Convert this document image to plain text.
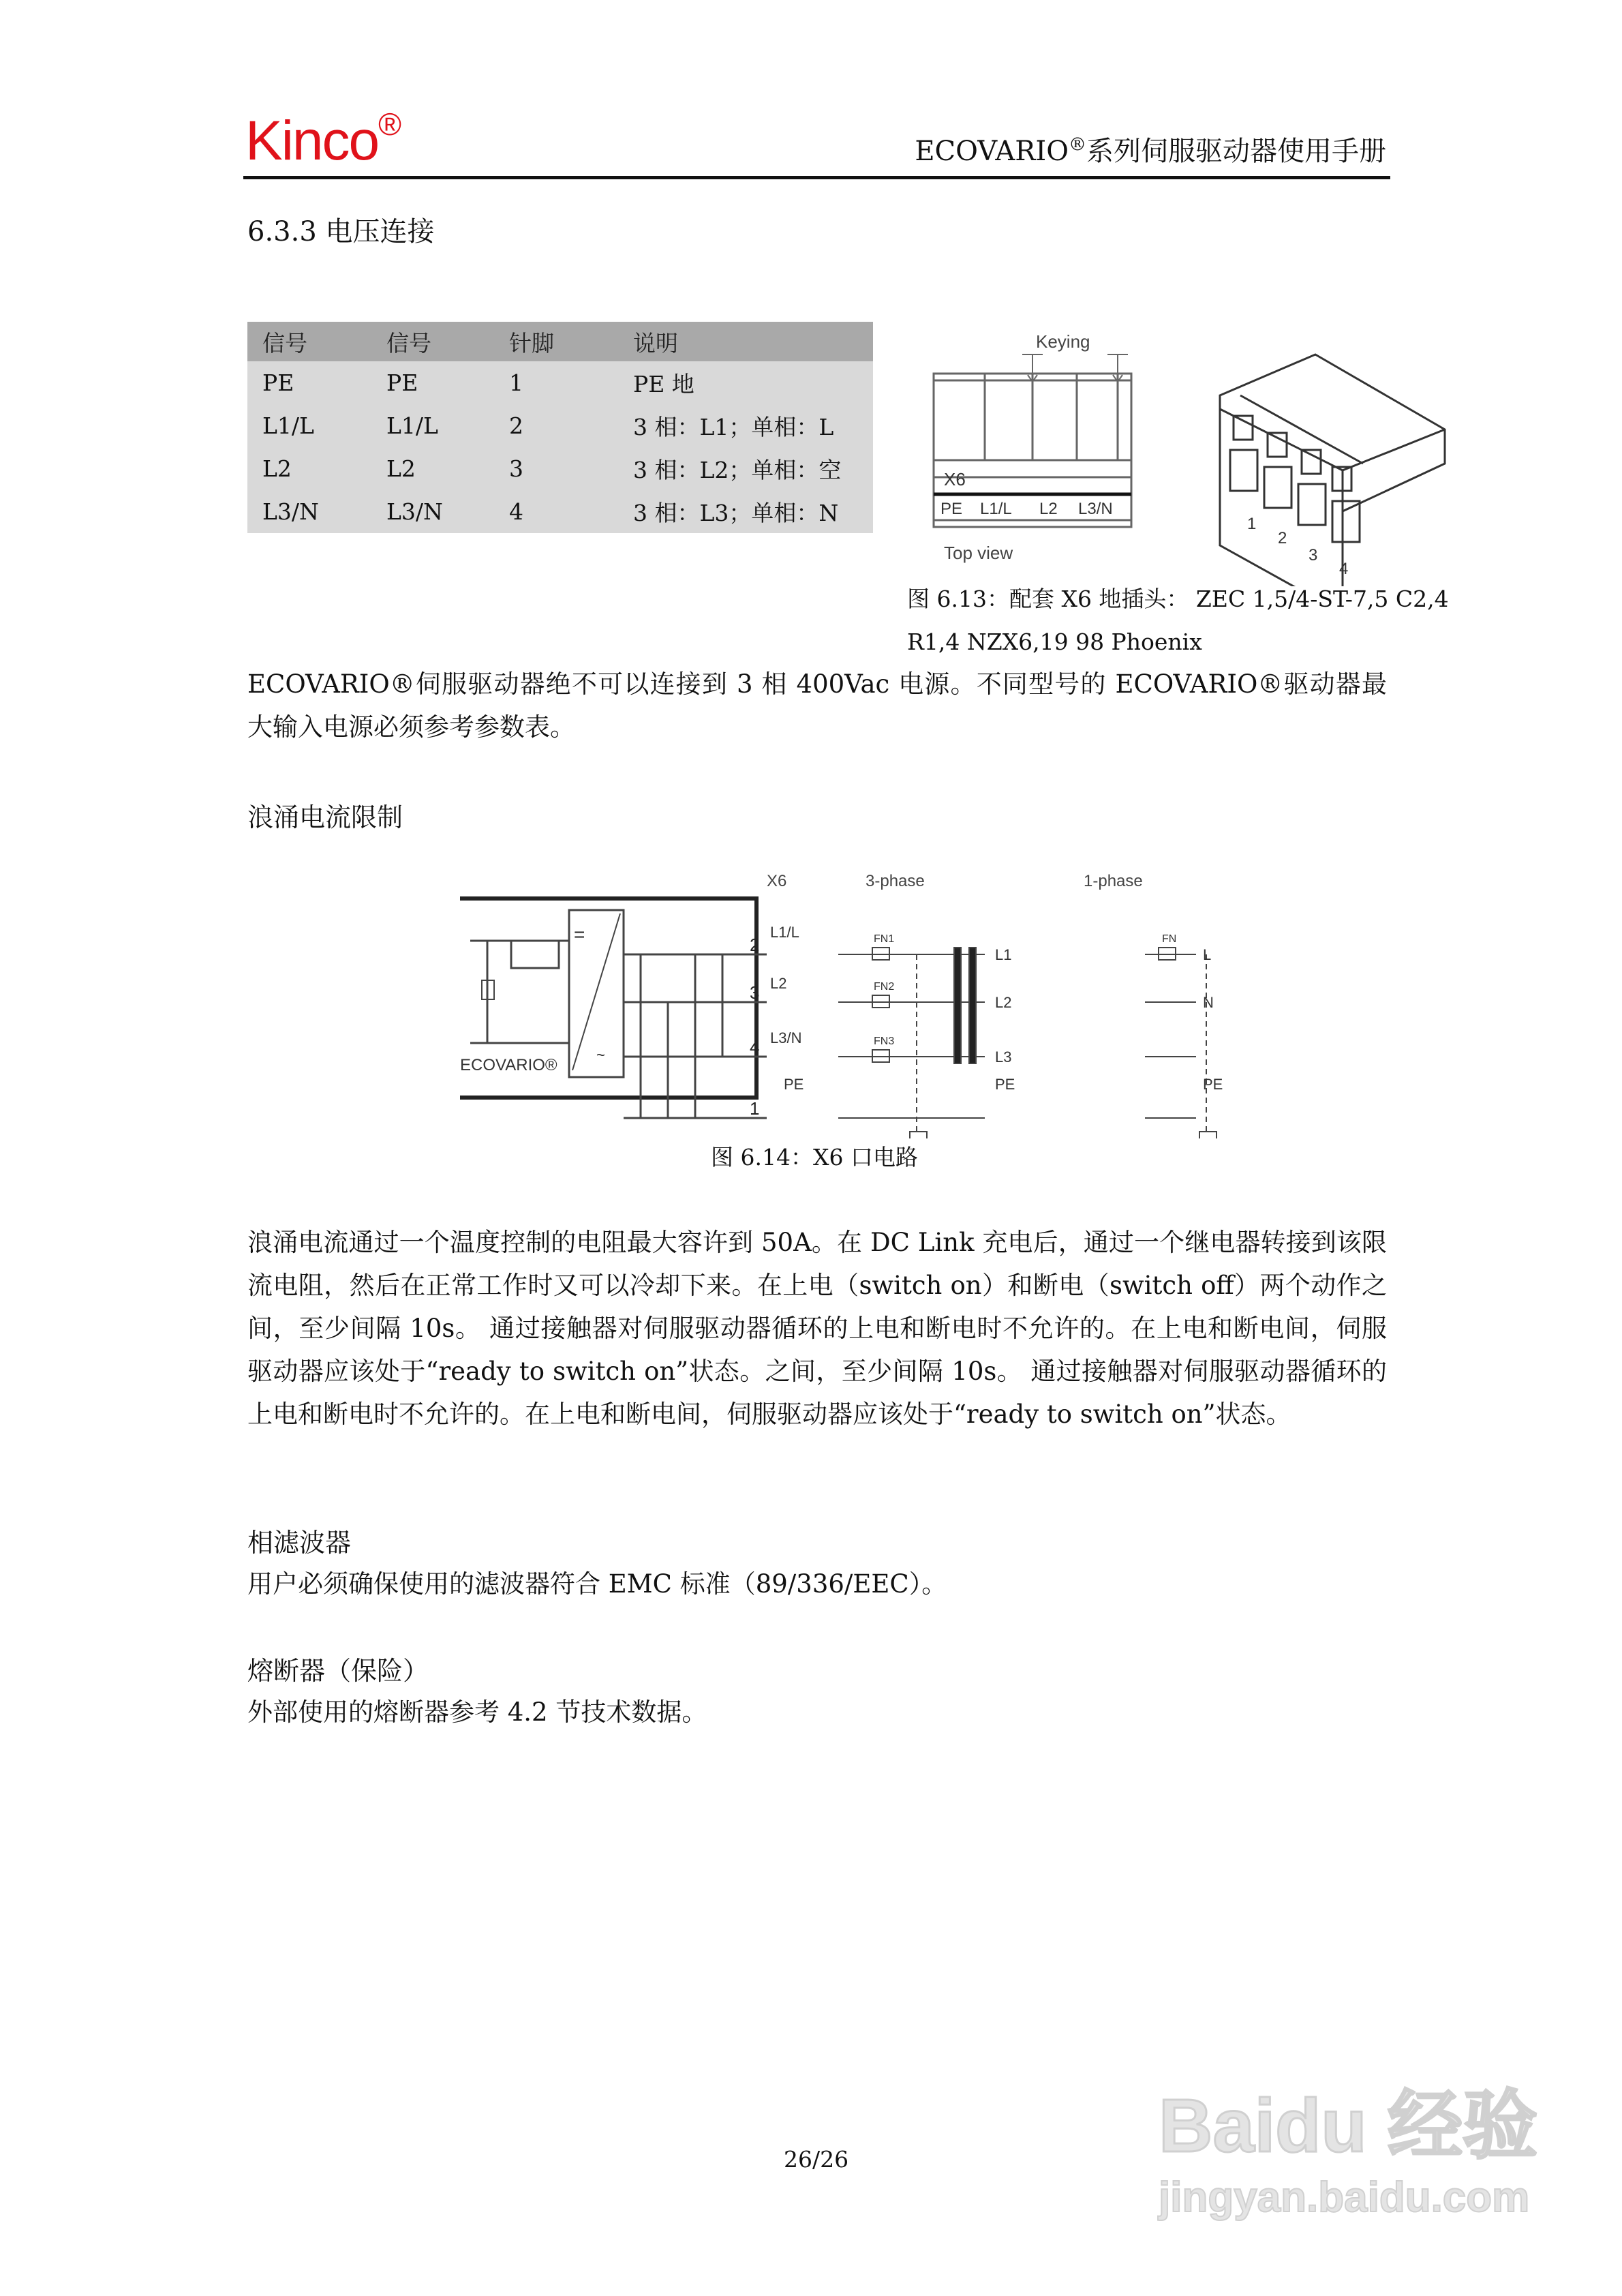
Kinco®
ECOVARIO®系列伺服驱动器使用手册
6.3.3 电压连接
信号	信号	针脚	说明
PE	PE	1	PE 地
L1/L	L1/L	2	3 相：L1；单相：L
L2	L2	3	3 相：L2；单相：空
L3/N	L3/N	4	3 相：L3；单相：N
Keying
X6
PE L1/L L2 L3/N
Top view
1
2
3
4
图 6.13：配套 X6 地插头： ZEC 1,5/4-ST-7,5 C2,4
R1,4 NZX6,19 98 Phoenix
ECOVARIO®伺服驱动器绝不可以连接到 3 相 400Vac 电源。不同型号的 ECOVARIO®驱动器最大输入电源必须参考参数表。
浪涌电流限制
X6	3-phase	1-phase
=
~
2
3
4
1
L1/L
L2
L3/N
PE
ECOVARIO®
FN1
FN2
FN3
FN
L1
L2
L3
PE
L
N
PE
图 6.14：X6 口电路
浪涌电流通过一个温度控制的电阻最大容许到 50A。在 DC Link 充电后，通过一个继电器转接到该限流电阻，然后在正常工作时又可以冷却下来。在上电（switch on）和断电（switch off）两个动作之间，至少间隔 10s。 通过接触器对伺服驱动器循环的上电和断电时不允许的。在上电和断电间，伺服驱动器应该处于“ready to switch on”状态。之间，至少间隔 10s。 通过接触器对伺服驱动器循环的上电和断电时不允许的。在上电和断电间，伺服驱动器应该处于“ready to switch on”状态。
相滤波器
用户必须确保使用的滤波器符合 EMC 标准（89/336/EEC）。
熔断器（保险）
外部使用的熔断器参考 4.2 节技术数据。
26/26	Baidu 经验
jingyan.baidu.com
